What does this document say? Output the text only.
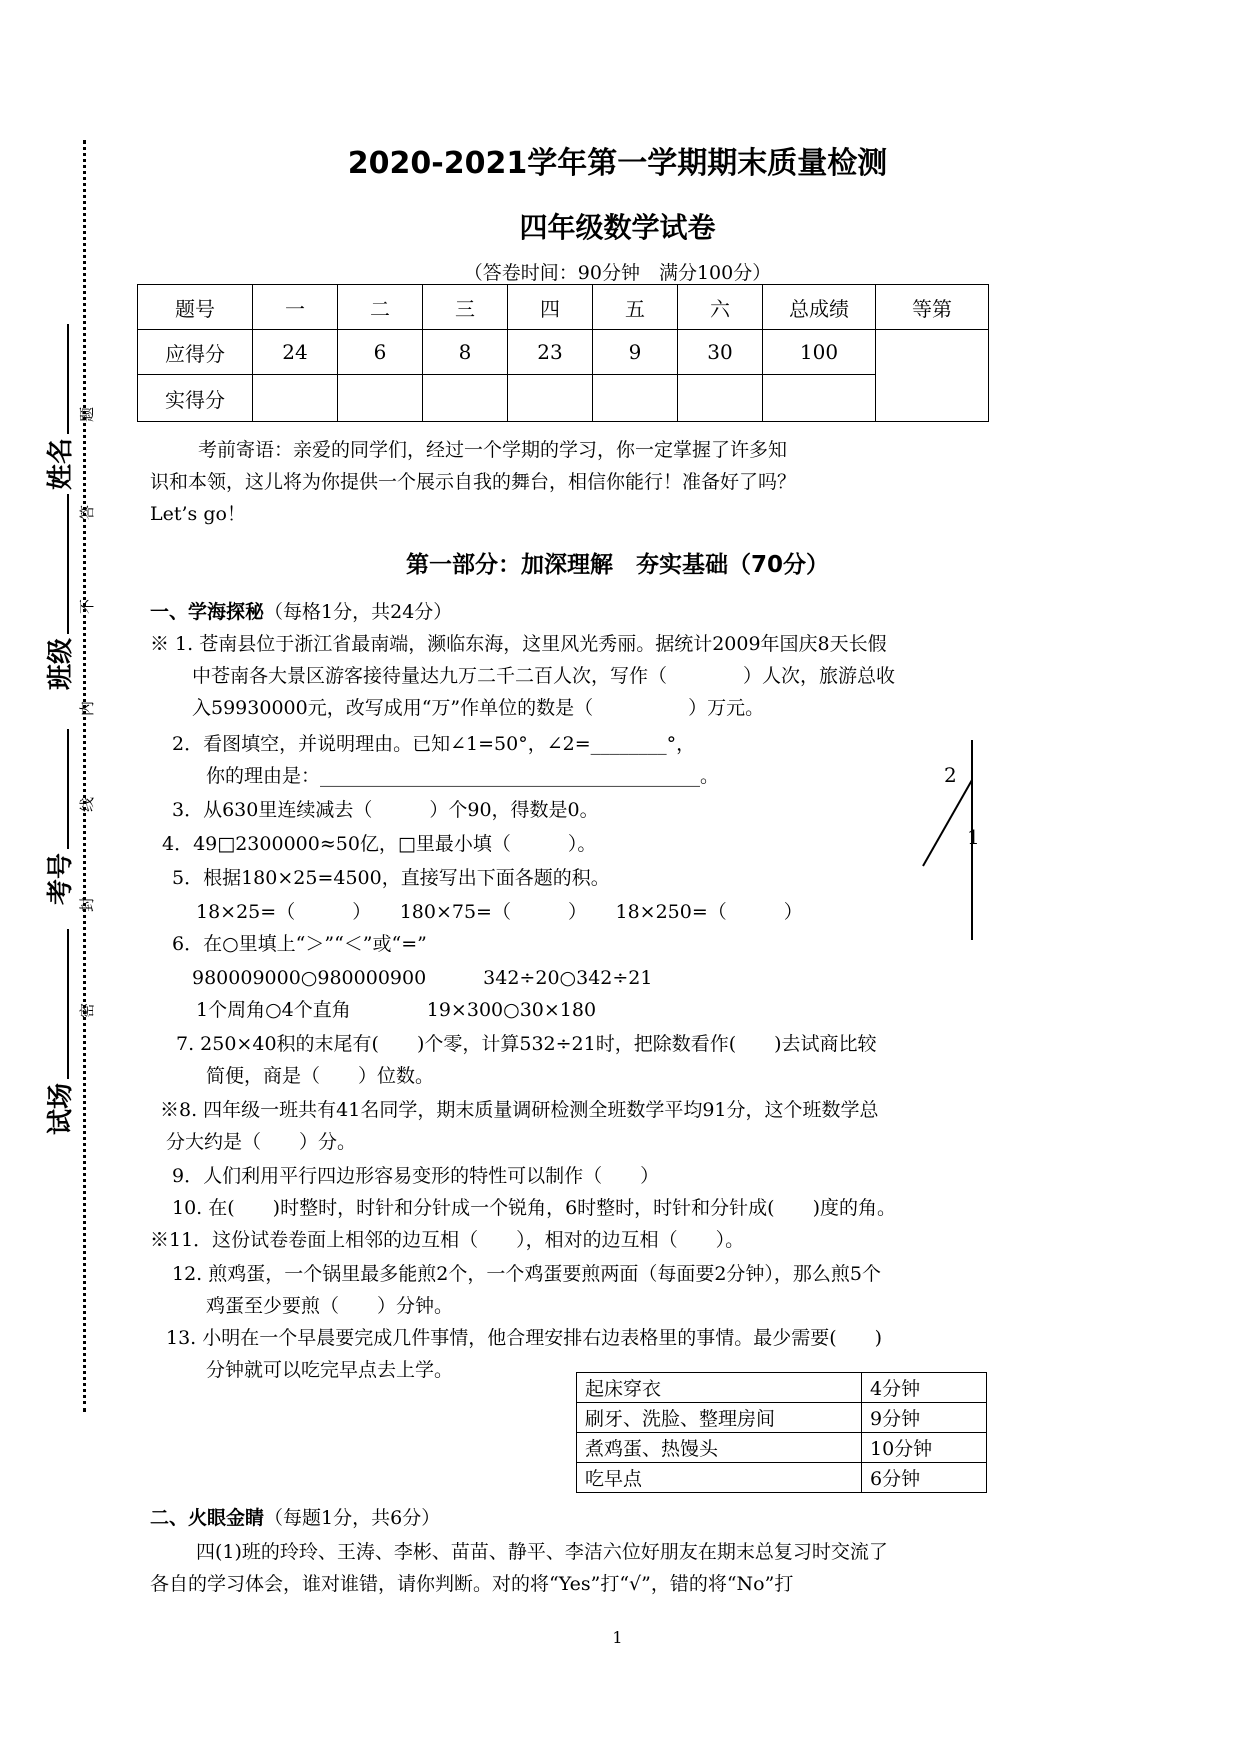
姓名
班级
考号
试场
题
答
不
内
线
封
密
2020-2021学年第一学期期末质量检测
四年级数学试卷
（答卷时间：90分钟　满分100分）
题号	一	二	三	四	五	六	总成绩	等第
应得分	24	6	8	23	9	30	100	
实得分								
考前寄语：亲爱的同学们，经过一个学期的学习，你一定掌握了许多知
识和本领，这儿将为你提供一个展示自我的舞台，相信你能行！准备好了吗？
Let’s go！
第一部分：加深理解　夯实基础（70分）
一、学海探秘（每格1分，共24分）
※ 1. 苍南县位于浙江省最南端，濒临东海，这里风光秀丽。据统计2009年国庆8天长假
中苍南各大景区游客接待量达九万二千二百人次，写作（　　　　）人次，旅游总收
入59930000元，改写成用“万”作单位的数是（　　　　　）万元。
2．看图填空，并说明理由。已知∠1=50°，∠2=________°，
你的理由是：________________________________________。
3．从630里连续减去（　　　）个90，得数是0。
4．49□2300000≈50亿，□里最小填（　　　）。
5．根据180×25=4500，直接写出下面各题的积。
18×25=（　　　）　　180×75=（　　　）　　18×250=（　　　）
6．在○里填上“＞”“＜”或“=”
980009000○980000900　　　342÷20○342÷21
1个周角○4个直角　　　　19×300○30×180
7. 250×40积的末尾有(　　)个零，计算532÷21时，把除数看作(　　)去试商比较
简便，商是（　　）位数。
※8. 四年级一班共有41名同学，期末质量调研检测全班数学平均91分，这个班数学总
分大约是（　　）分。
9．人们利用平行四边形容易变形的特性可以制作（　　）
10. 在(　　)时整时，时针和分针成一个锐角，6时整时，时针和分针成(　　)度的角。
※11．这份试卷卷面上相邻的边互相（　　），相对的边互相（　　）。
12. 煎鸡蛋，一个锅里最多能煎2个，一个鸡蛋要煎两面（每面要2分钟），那么煎5个
鸡蛋至少要煎（　　）分钟。
13. 小明在一个早晨要完成几件事情，他合理安排右边表格里的事情。最少需要(　　)
分钟就可以吃完早点去上学。
2
1
起床穿衣	4分钟
刷牙、洗脸、整理房间	9分钟
煮鸡蛋、热馒头	10分钟
吃早点	6分钟
二、火眼金睛（每题1分，共6分）
四(1)班的玲玲、王涛、李彬、苗苗、静平、李洁六位好朋友在期末总复习时交流了
各自的学习体会，谁对谁错，请你判断。对的将“Yes”打“√”，错的将“No”打
1
